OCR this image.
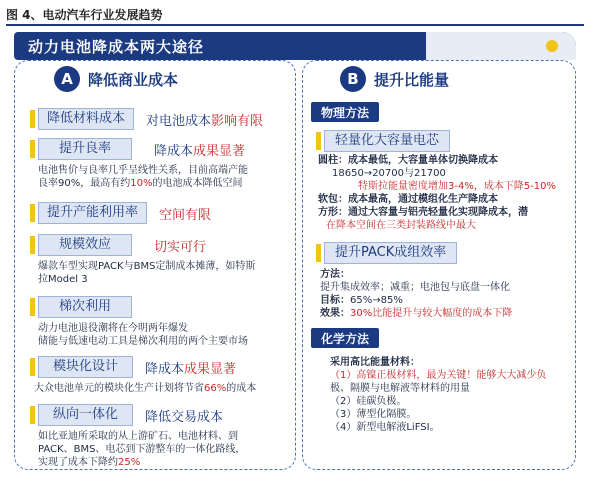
图 4、电动汽车行业发展趋势
动力电池降成本两大途径
A	降低商业成本
降低材料成本	对电池成本影响有限
提升良率	降成本成果显著
电池售价与良率几乎呈线性关系，目前高端产能
良率90%，最高有约10%的电池成本降低空间
提升产能利用率	空间有限
规模效应	切实可行
爆款车型实现PACK与BMS定制成本摊薄，如特斯
拉Model 3
梯次利用
动力电池退役潮将在今明两年爆发
储能与低速电动工具是梯次利用的两个主要市场
模块化设计	降成本成果显著
大众电池单元的模块化生产计划将节省66%的成本
纵向一体化	降低交易成本
如比亚迪所采取的从上游矿石、电池材料、到
PACK、BMS、电芯到下游整车的一体化路线，
实现了成本下降约25%
B	提升比能量
物理方法
轻量化大容量电芯
圆柱：成本最低，大容量单体切换降成本
18650→20700与21700
特斯拉能量密度增加3-4%，成本下降5-10%
软包：成本最高，通过模组化生产降成本
方形：通过大容量与铝壳轻量化实现降成本，潜
在降本空间在三类封装路线中最大
提升PACK成组效率
方法：
提升集成效率；减重；电池包与底盘一体化
目标：65%→85%
效果：30%比能提升与较大幅度的成本下降
化学方法
采用高比能量材料：
（1）高镍正极材料，最为关键！能够大大减少负
极、隔膜与电解液等材料的用量
（2）硅碳负极。
（3）薄型化隔膜。
（4）新型电解液LiFSI。
